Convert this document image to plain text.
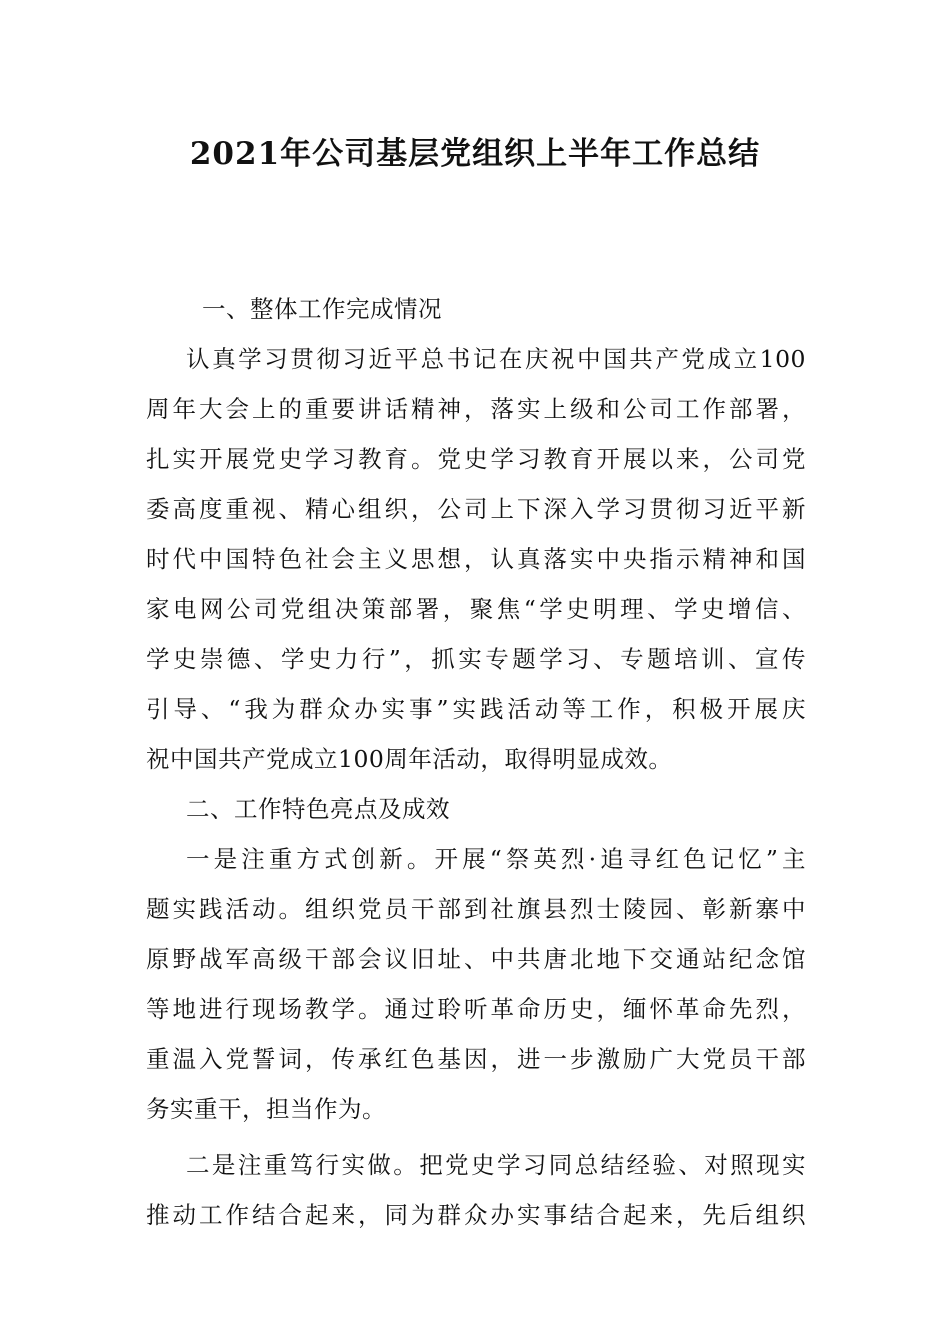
2021年公司基层党组织上半年工作总结
一、整体工作完成情况
认真学习贯彻习近平总书记在庆祝中国共产党成立100
周年大会上的重要讲话精神，落实上级和公司工作部署，
扎实开展党史学习教育。党史学习教育开展以来，公司党
委高度重视、精心组织，公司上下深入学习贯彻习近平新
时代中国特色社会主义思想，认真落实中央指示精神和国
家电网公司党组决策部署，聚焦“学史明理、学史增信、
学史崇德、学史力行”，抓实专题学习、专题培训、宣传
引导、“我为群众办实事”实践活动等工作，积极开展庆
祝中国共产党成立100周年活动，取得明显成效。
二、工作特色亮点及成效
一是注重方式创新。开展“祭英烈·追寻红色记忆”主
题实践活动。组织党员干部到社旗县烈士陵园、彰新寨中
原野战军高级干部会议旧址、中共唐北地下交通站纪念馆
等地进行现场教学。通过聆听革命历史，缅怀革命先烈，
重温入党誓词，传承红色基因，进一步激励广大党员干部
务实重干，担当作为。
二是注重笃行实做。把党史学习同总结经验、对照现实
推动工作结合起来，同为群众办实事结合起来，先后组织
